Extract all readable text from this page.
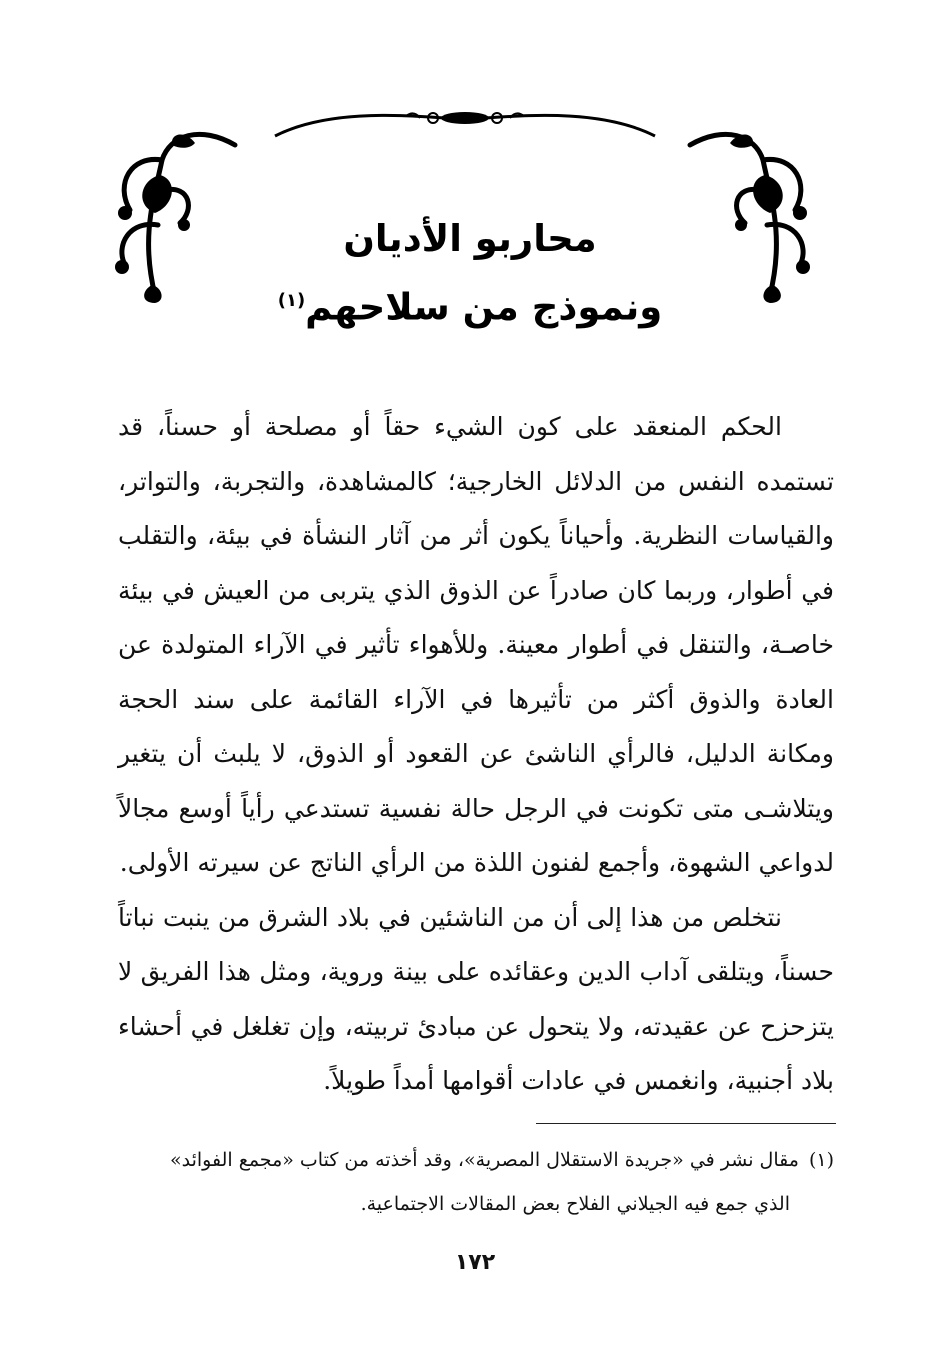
محاربو الأديان

ونموذج من سلاحهم$^{(١)}$

الحكم المنعقد على كون الشيء حقاً أو مصلحة أو حسناً، قد تستمده النفس من الدلائل الخارجية؛ كالمشاهدة، والتجربة، والتواتر، والقياسات النظرية. وأحياناً يكون أثر من آثار النشأة في بيئة، والتقلب في أطوار، وربما كان صادراً عن الذوق الذي يتربى من العيش في بيئة خاصـة، والتنقل في أطوار معينة. وللأهواء تأثير في الآراء المتولدة عن العادة والذوق أكثر من تأثيرها في الآراء القائمة على سند الحجة ومكانة الدليل، فالرأي الناشئ عن القعود أو الذوق، لا يلبث أن يتغير ويتلاشـى متى تكونت في الرجل حالة نفسية تستدعي رأياً أوسع مجالاً لدواعي الشهوة، وأجمع لفنون اللذة من الرأي الناتج عن سيرته الأولى.

نتخلص من هذا إلى أن من الناشئين في بلاد الشرق من ينبت نباتاً حسناً، ويتلقى آداب الدين وعقائده على بينة وروية، ومثل هذا الفريق لا يتزحزح عن عقيدته، ولا يتحول عن مبادئ تربيته، وإن تغلغل في أحشاء بلاد أجنبية، وانغمس في عادات أقوامها أمداً طويلاً.

(١)مقال نشر في «جريدة الاستقلال المصرية»، وقد أخذته من كتاب «مجمع الفوائد»
الذي جمع فيه الجيلاني الفلاح بعض المقالات الاجتماعية.
١٧٢
